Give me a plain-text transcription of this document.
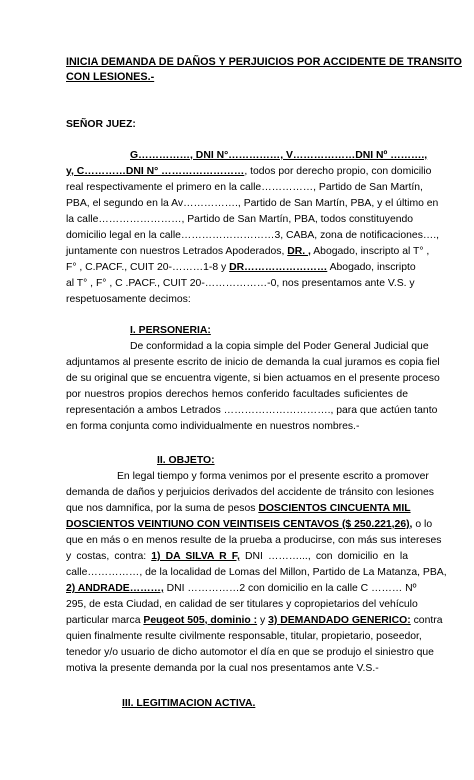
INICIA DEMANDA DE DAÑOS Y PERJUICIOS POR ACCIDENTE DE TRANSITO
CON LESIONES.-
SEÑOR JUEZ:
G……………, DNI N°……………, V………………DNI Nº ……….,
y, C…………DNI N° ……………………, todos por derecho propio, con domicilio
real respectivamente el primero en la calle……………, Partido de San Martín,
PBA, el segundo en la Av……………., Partido de San Martín, PBA, y el último en
la calle……………………, Partido de San Martín, PBA, todos constituyendo
domicilio legal en la calle………………………3, CABA, zona de notificaciones….,
juntamente con nuestros Letrados Apoderados, DR. , Abogado, inscripto al T° ,
F° , C.PACF., CUIT 20-………1-8 y DR…………………… Abogado, inscripto
al T° , F° , C .PACF., CUIT 20-………………-0, nos presentamos ante V.S. y
respetuosamente decimos:
I. PERSONERIA:
De conformidad a la copia simple del Poder General Judicial que
adjuntamos al presente escrito de inicio de demanda la cual juramos es copia fiel
de su original que se encuentra vigente, si bien actuamos en el presente proceso
por nuestros propios derechos hemos conferido facultades suficientes de
representación a ambos Letrados …………………………., para que actúen tanto
en forma conjunta como individualmente en nuestros nombres.-
II. OBJETO:
En legal tiempo y forma venimos por el presente escrito a promover
demanda de daños y perjuicios derivados del accidente de tránsito con lesiones
que nos damnifica, por la suma de pesos DOSCIENTOS CINCUENTA MIL
DOSCIENTOS VEINTIUNO CON VEINTISEIS CENTAVOS ($ 250.221,26), o lo
que en más o en menos resulte de la prueba a producirse, con más sus intereses
y costas, contra: 1) DA SILVA R F, DNI ………..., con domicilio en la
calle……………, de la localidad de Lomas del Millon, Partido de La Matanza, PBA,
2) ANDRADE………, DNI ……………2 con domicilio en la calle C ……… Nº
295, de esta Ciudad, en calidad de ser titulares y copropietarios del vehículo
particular marca Peugeot 505, dominio : y 3) DEMANDADO GENERICO: contra
quien finalmente resulte civilmente responsable, titular, propietario, poseedor,
tenedor y/o usuario de dicho automotor el día en que se produjo el siniestro que
motiva la presente demanda por la cual nos presentamos ante V.S.-
III. LEGITIMACION ACTIVA.
